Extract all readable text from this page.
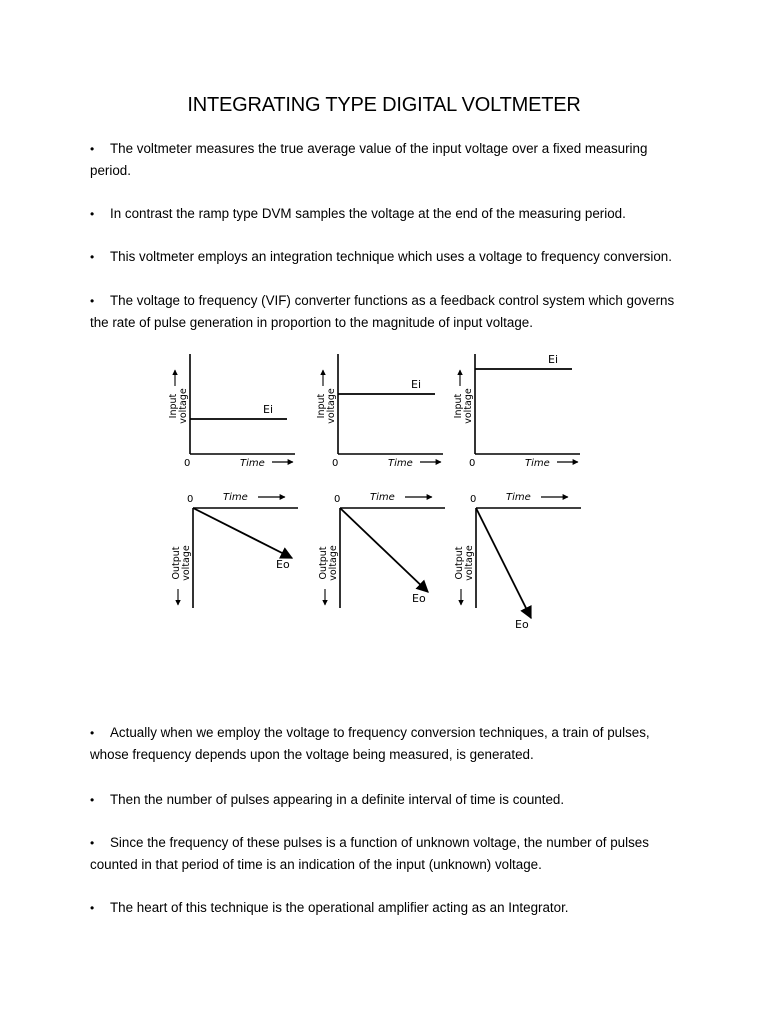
INTEGRATING TYPE DIGITAL VOLTMETER
• The voltmeter measures the true average value of the input voltage over a fixed measuring period.
• In contrast the ramp type DVM samples the voltage at the end of the measuring period.
• This voltmeter employs an integration technique which uses a voltage to frequency conversion.
• The voltage to frequency (VIF) converter functions as a feedback control system which governs the rate of pulse generation in proportion to the magnitude of input voltage.
Ei
0	Time
Inputvoltage
Ei
0	Time
Inputvoltage
Ei
0	Time
Inputvoltage
Eo
0	Time
Outputvoltage
Eo
0	Time
Outputvoltage
Eo
0	Time
Outputvoltage
• Actually when we employ the voltage to frequency conversion techniques, a train of pulses, whose frequency depends upon the voltage being measured, is generated.
• Then the number of pulses appearing in a definite interval of time is counted.
• Since the frequency of these pulses is a function of unknown voltage, the number of pulses counted in that period of time is an indication of the input (unknown) voltage.
• The heart of this technique is the operational amplifier acting as an Integrator.
